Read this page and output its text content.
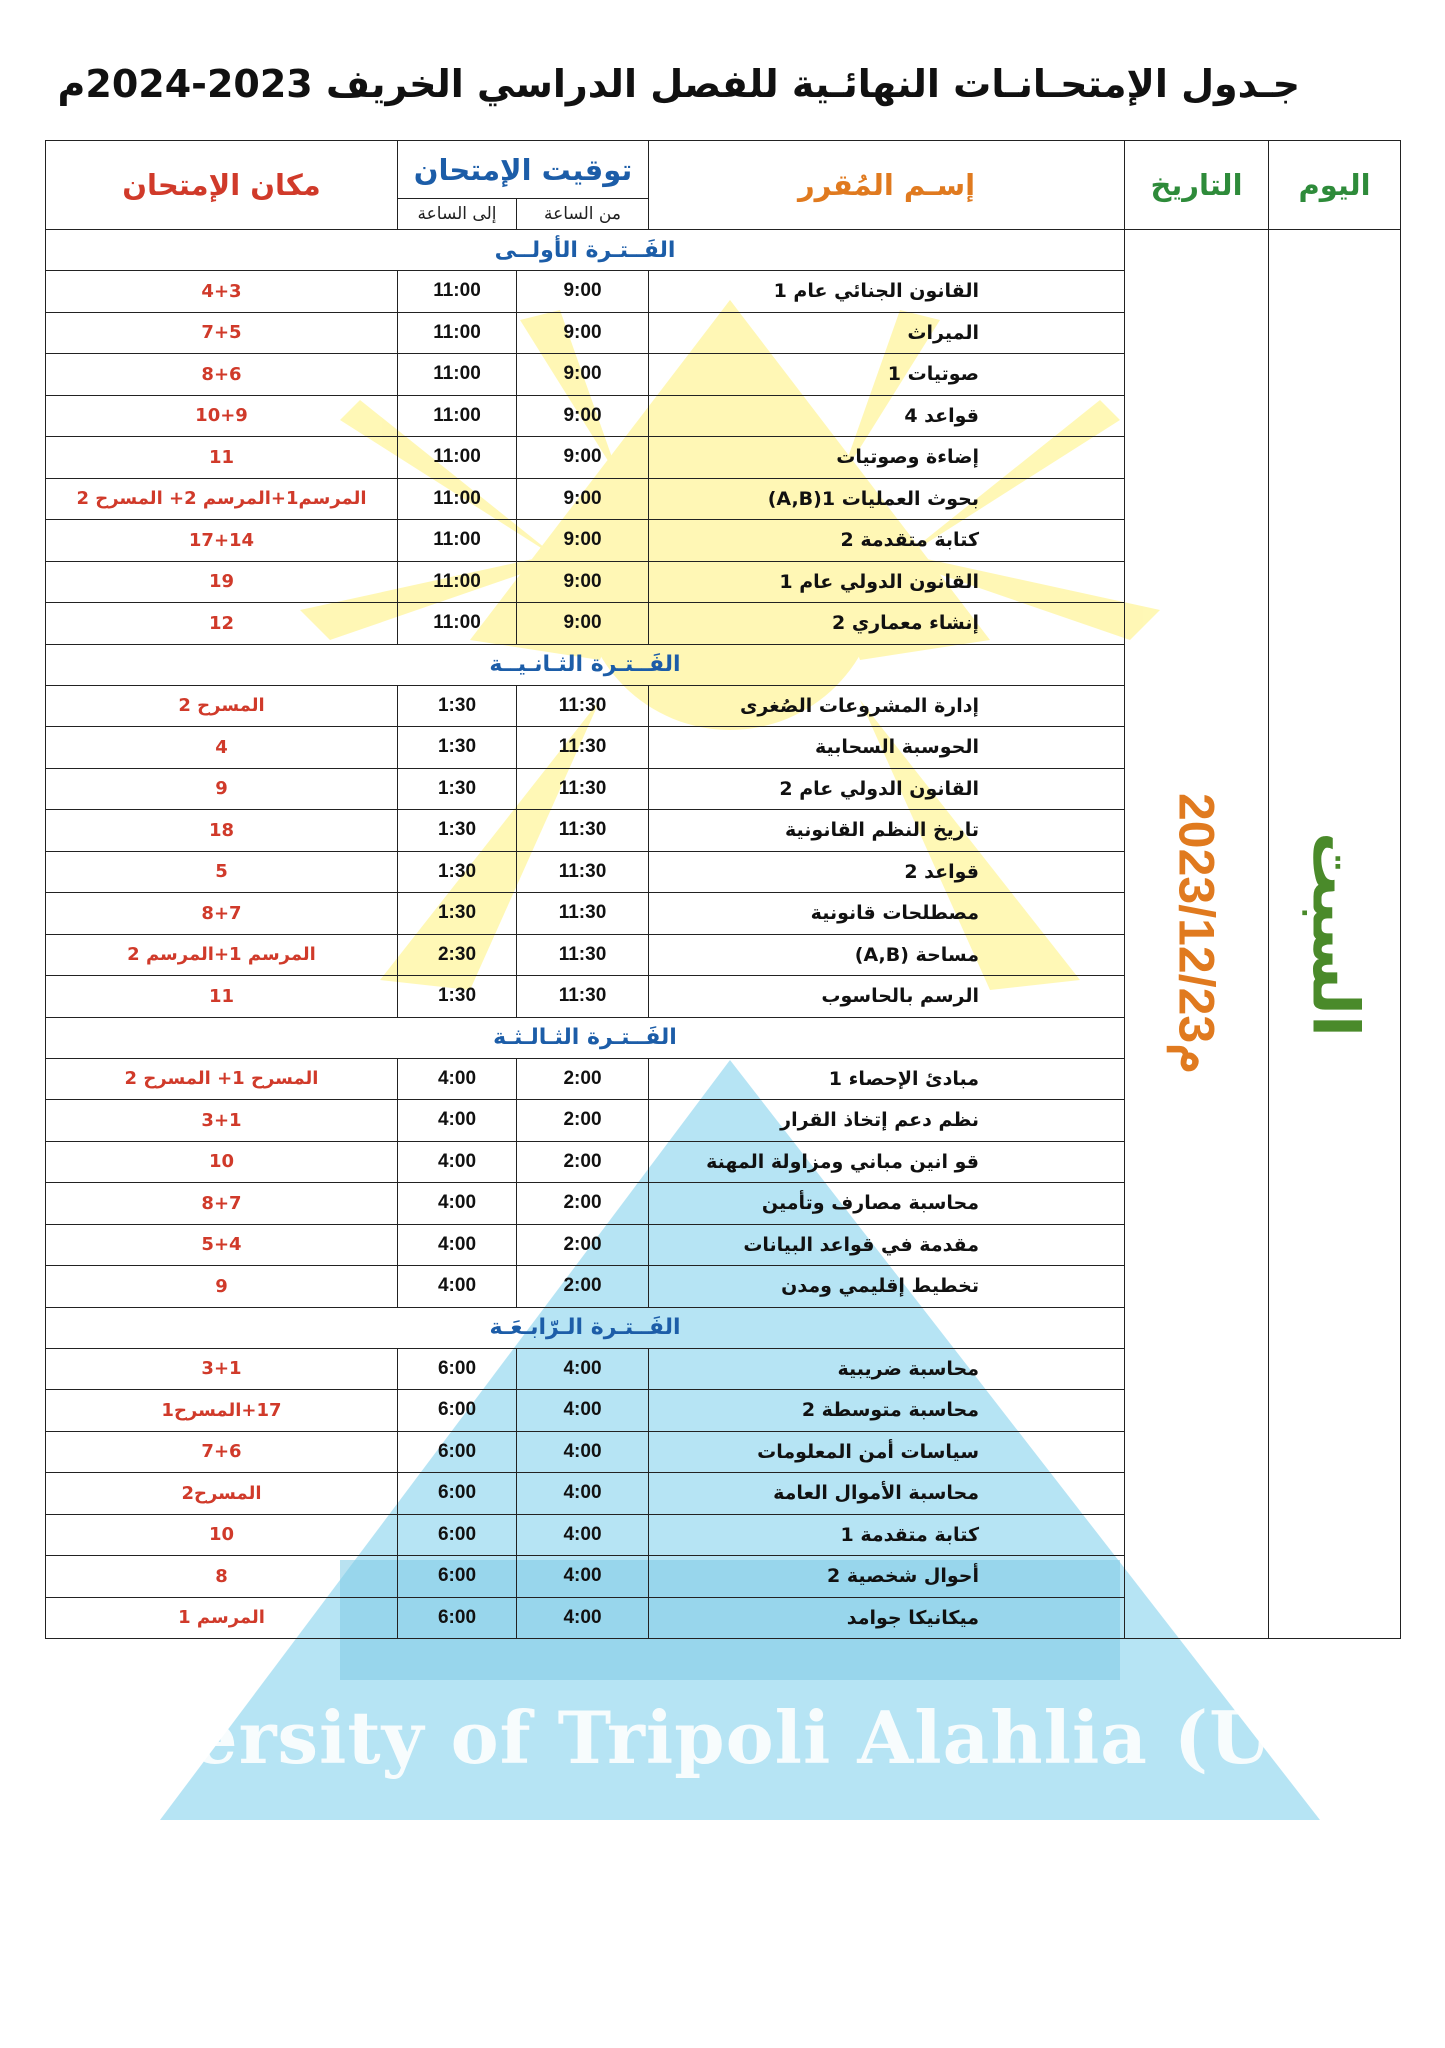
University of Tripoli Alahlia (UTA )
جـدول الإمتحـانـات النهائـية للفصل الدراسي الخريف 2023-2024م
اليوم	التاريخ	إسـم المُقرر	توقيت الإمتحان		مكان الإمتحان
			من الساعة	إلى الساعة	

السبت	2023/12/23م	الفَــتـرة الأولــى			
		القانون الجنائي عام 1	9:00	11:00	4+3
		الميراث	9:00	11:00	7+5
		صوتيات 1	9:00	11:00	8+6
		قواعد 4	9:00	11:00	10+9
		إضاءة وصوتيات	9:00	11:00	11
		بحوث العمليات 1(A,B)	9:00	11:00	المرسم1+المرسم 2+ المسرح 2
		كتابة متقدمة 2	9:00	11:00	17+14
		القانون الدولي عام 1	9:00	11:00	19
		إنشاء معماري 2	9:00	11:00	12
		الفَــتـرة الثـانـيــة			
		إدارة المشروعات الصُغرى	11:30	1:30	المسرح 2
		الحوسبة السحابية	11:30	1:30	4
		القانون الدولي عام 2	11:30	1:30	9
		تاريخ النظم القانونية	11:30	1:30	18
		قواعد 2	11:30	1:30	5
		مصطلحات قانونية	11:30	1:30	8+7
		مساحة (A,B)	11:30	2:30	المرسم 1+المرسم 2
		الرسم بالحاسوب	11:30	1:30	11
		الفَــتـرة الثـالـثـة			
		مبادئ الإحصاء 1	2:00	4:00	المسرح 1+ المسرح 2
		نظم دعم إتخاذ القرار	2:00	4:00	3+1
		قو انين مباني ومزاولة المهنة	2:00	4:00	10
		محاسبة مصارف وتأمين	2:00	4:00	8+7
		مقدمة في قواعد البيانات	2:00	4:00	5+4
		تخطيط إقليمي ومدن	2:00	4:00	9
		الفَــتـرة الـرّابـعَـة			
		محاسبة ضريبية	4:00	6:00	3+1
		محاسبة متوسطة 2	4:00	6:00	17+المسرح1
		سياسات أمن المعلومات	4:00	6:00	7+6
		محاسبة الأموال العامة	4:00	6:00	المسرح2
		كتابة متقدمة 1	4:00	6:00	10
		أحوال شخصية 2	4:00	6:00	8
		ميكانيكا جوامد	4:00	6:00	المرسم 1
